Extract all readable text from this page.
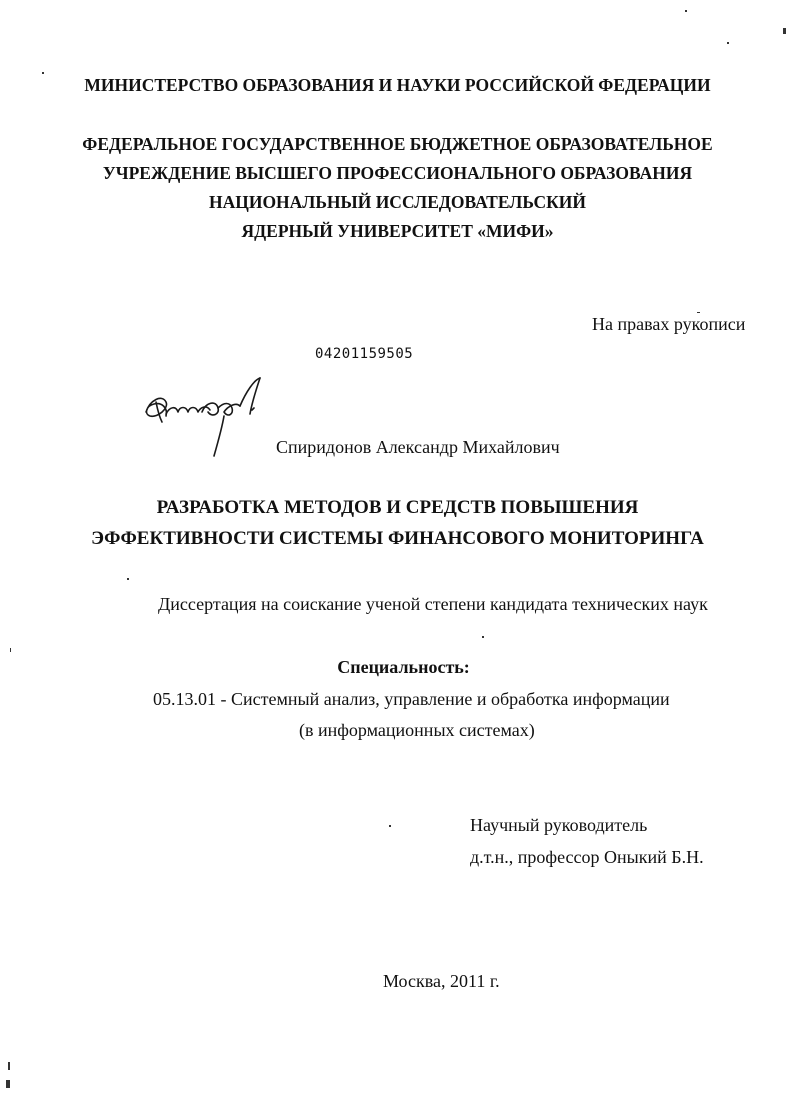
МИНИСТЕРСТВО ОБРАЗОВАНИЯ И НАУКИ РОССИЙСКОЙ ФЕДЕРАЦИИ
ФЕДЕРАЛЬНОЕ ГОСУДАРСТВЕННОЕ БЮДЖЕТНОЕ ОБРАЗОВАТЕЛЬНОЕ
УЧРЕЖДЕНИЕ ВЫСШЕГО ПРОФЕССИОНАЛЬНОГО ОБРАЗОВАНИЯ
НАЦИОНАЛЬНЫЙ ИССЛЕДОВАТЕЛЬСКИЙ
ЯДЕРНЫЙ УНИВЕРСИТЕТ «МИФИ»
На правах рукописи
04201159505
Спиридонов Александр Михайлович
РАЗРАБОТКА МЕТОДОВ И СРЕДСТВ ПОВЫШЕНИЯ
ЭФФЕКТИВНОСТИ СИСТЕМЫ ФИНАНСОВОГО МОНИТОРИНГА
Диссертация на соискание ученой степени кандидата технических наук
Специальность:
05.13.01 - Системный анализ, управление и обработка информации
(в информационных системах)
Научный руководитель
д.т.н., профессор Оныкий Б.Н.
Москва, 2011 г.
